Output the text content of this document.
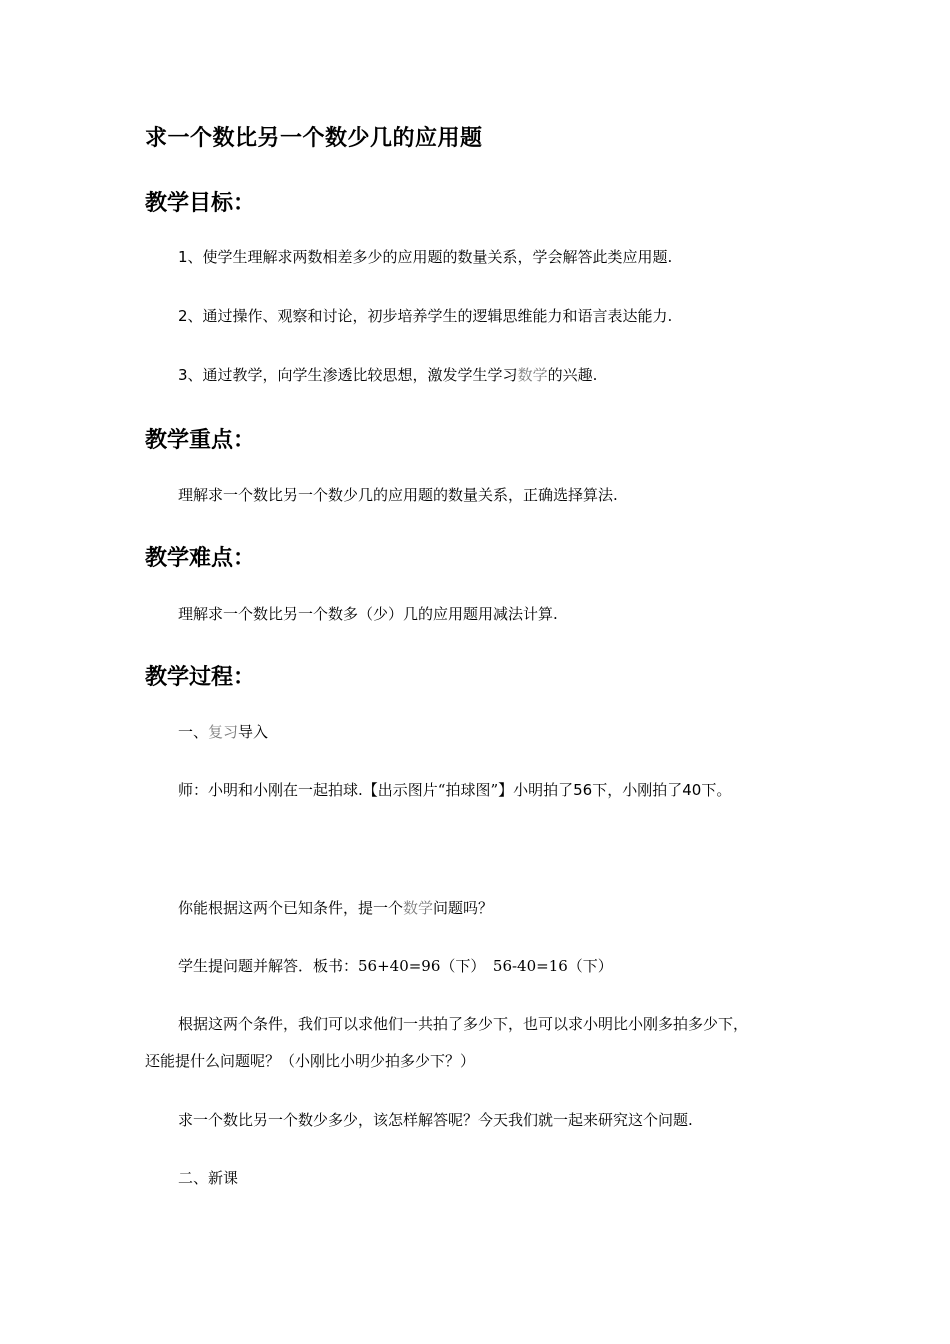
求一个数比另一个数少几的应用题
教学目标：
1、使学生理解求两数相差多少的应用题的数量关系，学会解答此类应用题.
2、通过操作、观察和讨论，初步培养学生的逻辑思维能力和语言表达能力.
3、通过教学，向学生渗透比较思想，激发学生学习数学的兴趣.
教学重点：
理解求一个数比另一个数少几的应用题的数量关系，正确选择算法.
教学难点：
理解求一个数比另一个数多（少）几的应用题用减法计算.
教学过程：
一、复习导入
师：小明和小刚在一起拍球.【出示图片“拍球图”】小明拍了56下，小刚拍了40下。
你能根据这两个已知条件，提一个数学问题吗？
学生提问题并解答．板书：56+40=96（下）　56-40=16（下）
根据这两个条件，我们可以求他们一共拍了多少下，也可以求小明比小刚多拍多少下，
还能提什么问题呢？（小刚比小明少拍多少下？）
求一个数比另一个数少多少，该怎样解答呢？今天我们就一起来研究这个问题.
二、新课
